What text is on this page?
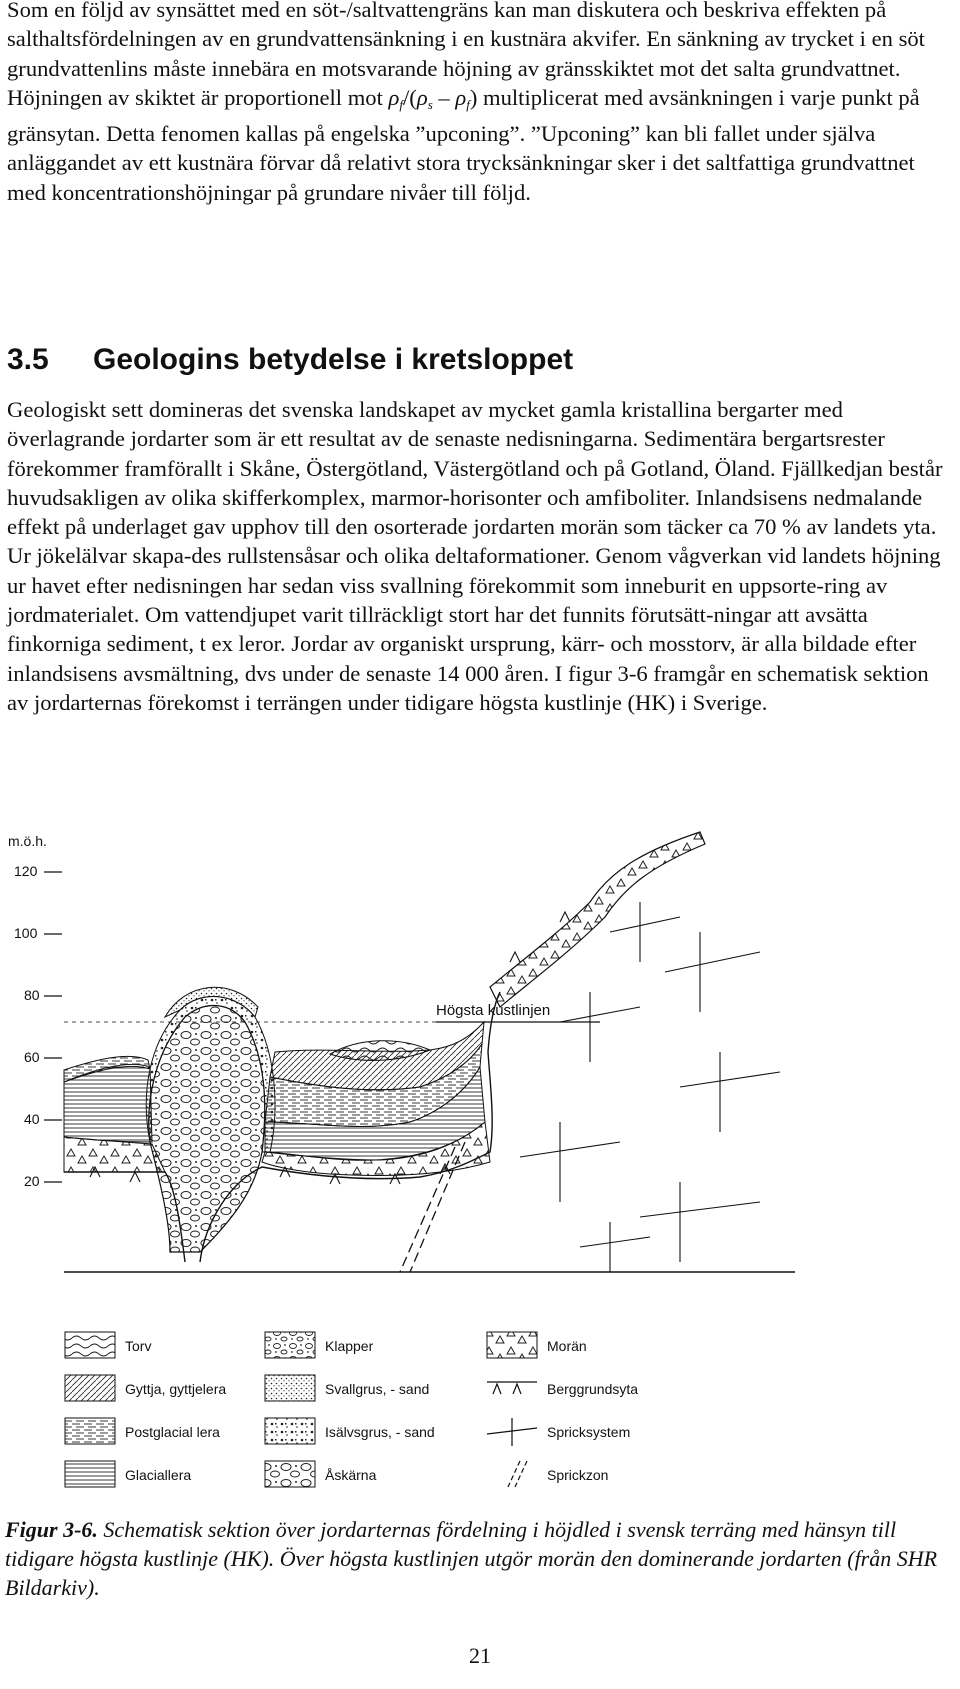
Som en följd av synsättet med en söt-/saltvattengräns kan man diskutera och beskriva effekten på salthaltsfördelningen av en grundvattensänkning i en kustnära akvifer. En sänkning av trycket i en söt grundvattenlins måste innebära en motsvarande höjning av gränsskiktet mot det salta grundvattnet. Höjningen av skiktet är proportionell mot $\rho_f/(\rho_s - \rho_f)$ multiplicerat med avsänkningen i varje punkt på gränsytan. Detta fenomen kallas på engelska ”upconing”. ”Upconing” kan bli fallet under själva anläggandet av ett kustnära förvar då relativt stora trycksänkningar sker i det saltfattiga grundvattnet med koncentrationshöjningar på grundare nivåer till följd.

3.5 Geologins betydelse i kretsloppet

Geologiskt sett domineras det svenska landskapet av mycket gamla kristallina bergarter med överlagrande jordarter som är ett resultat av de senaste nedisningarna. Sedimentära bergartsrester förekommer framförallt i Skåne, Östergötland, Västergötland och på Gotland, Öland. Fjällkedjan består huvudsakligen av olika skifferkomplex, marmor-horisonter och amfiboliter. Inlandsisens nedmalande effekt på underlaget gav upphov till den osorterade jordarten morän som täcker ca 70 % av landets yta. Ur jökelälvar skapa-des rullstensåsar och olika deltaformationer. Genom vågverkan vid landets höjning ur havet efter nedisningen har sedan viss svallning förekommit som inneburit en uppsorte-ring av jordmaterialet. Om vattendjupet varit tillräckligt stort har det funnits förutsätt-ningar att avsätta finkorniga sediment, t ex leror. Jordar av organiskt ursprung, kärr- och mosstorv, är alla bildade efter inlandsisens avsmältning, dvs under de senaste 14 000 åren. I figur 3-6 framgår en schematisk sektion av jordarternas förekomst i terrängen under tidigare högsta kustlinje (HK) i Sverige.

m.ö.h.
120
100
80
60
40
20
Högsta kustlinjen
Torv
Gyttja, gyttjelera
Postglacial lera
Glaciallera
Klapper
Svallgrus, - sand
Isälvsgrus, - sand
Åskärna
Morän
Berggrundsyta
Spricksystem
Sprickzon

Figur 3-6. Schematisk sektion över jordarternas fördelning i höjdled i svensk terräng med hänsyn till tidigare högsta kustlinje (HK). Över högsta kustlinjen utgör morän den dominerande jordarten (från SHR Bildarkiv).

21
